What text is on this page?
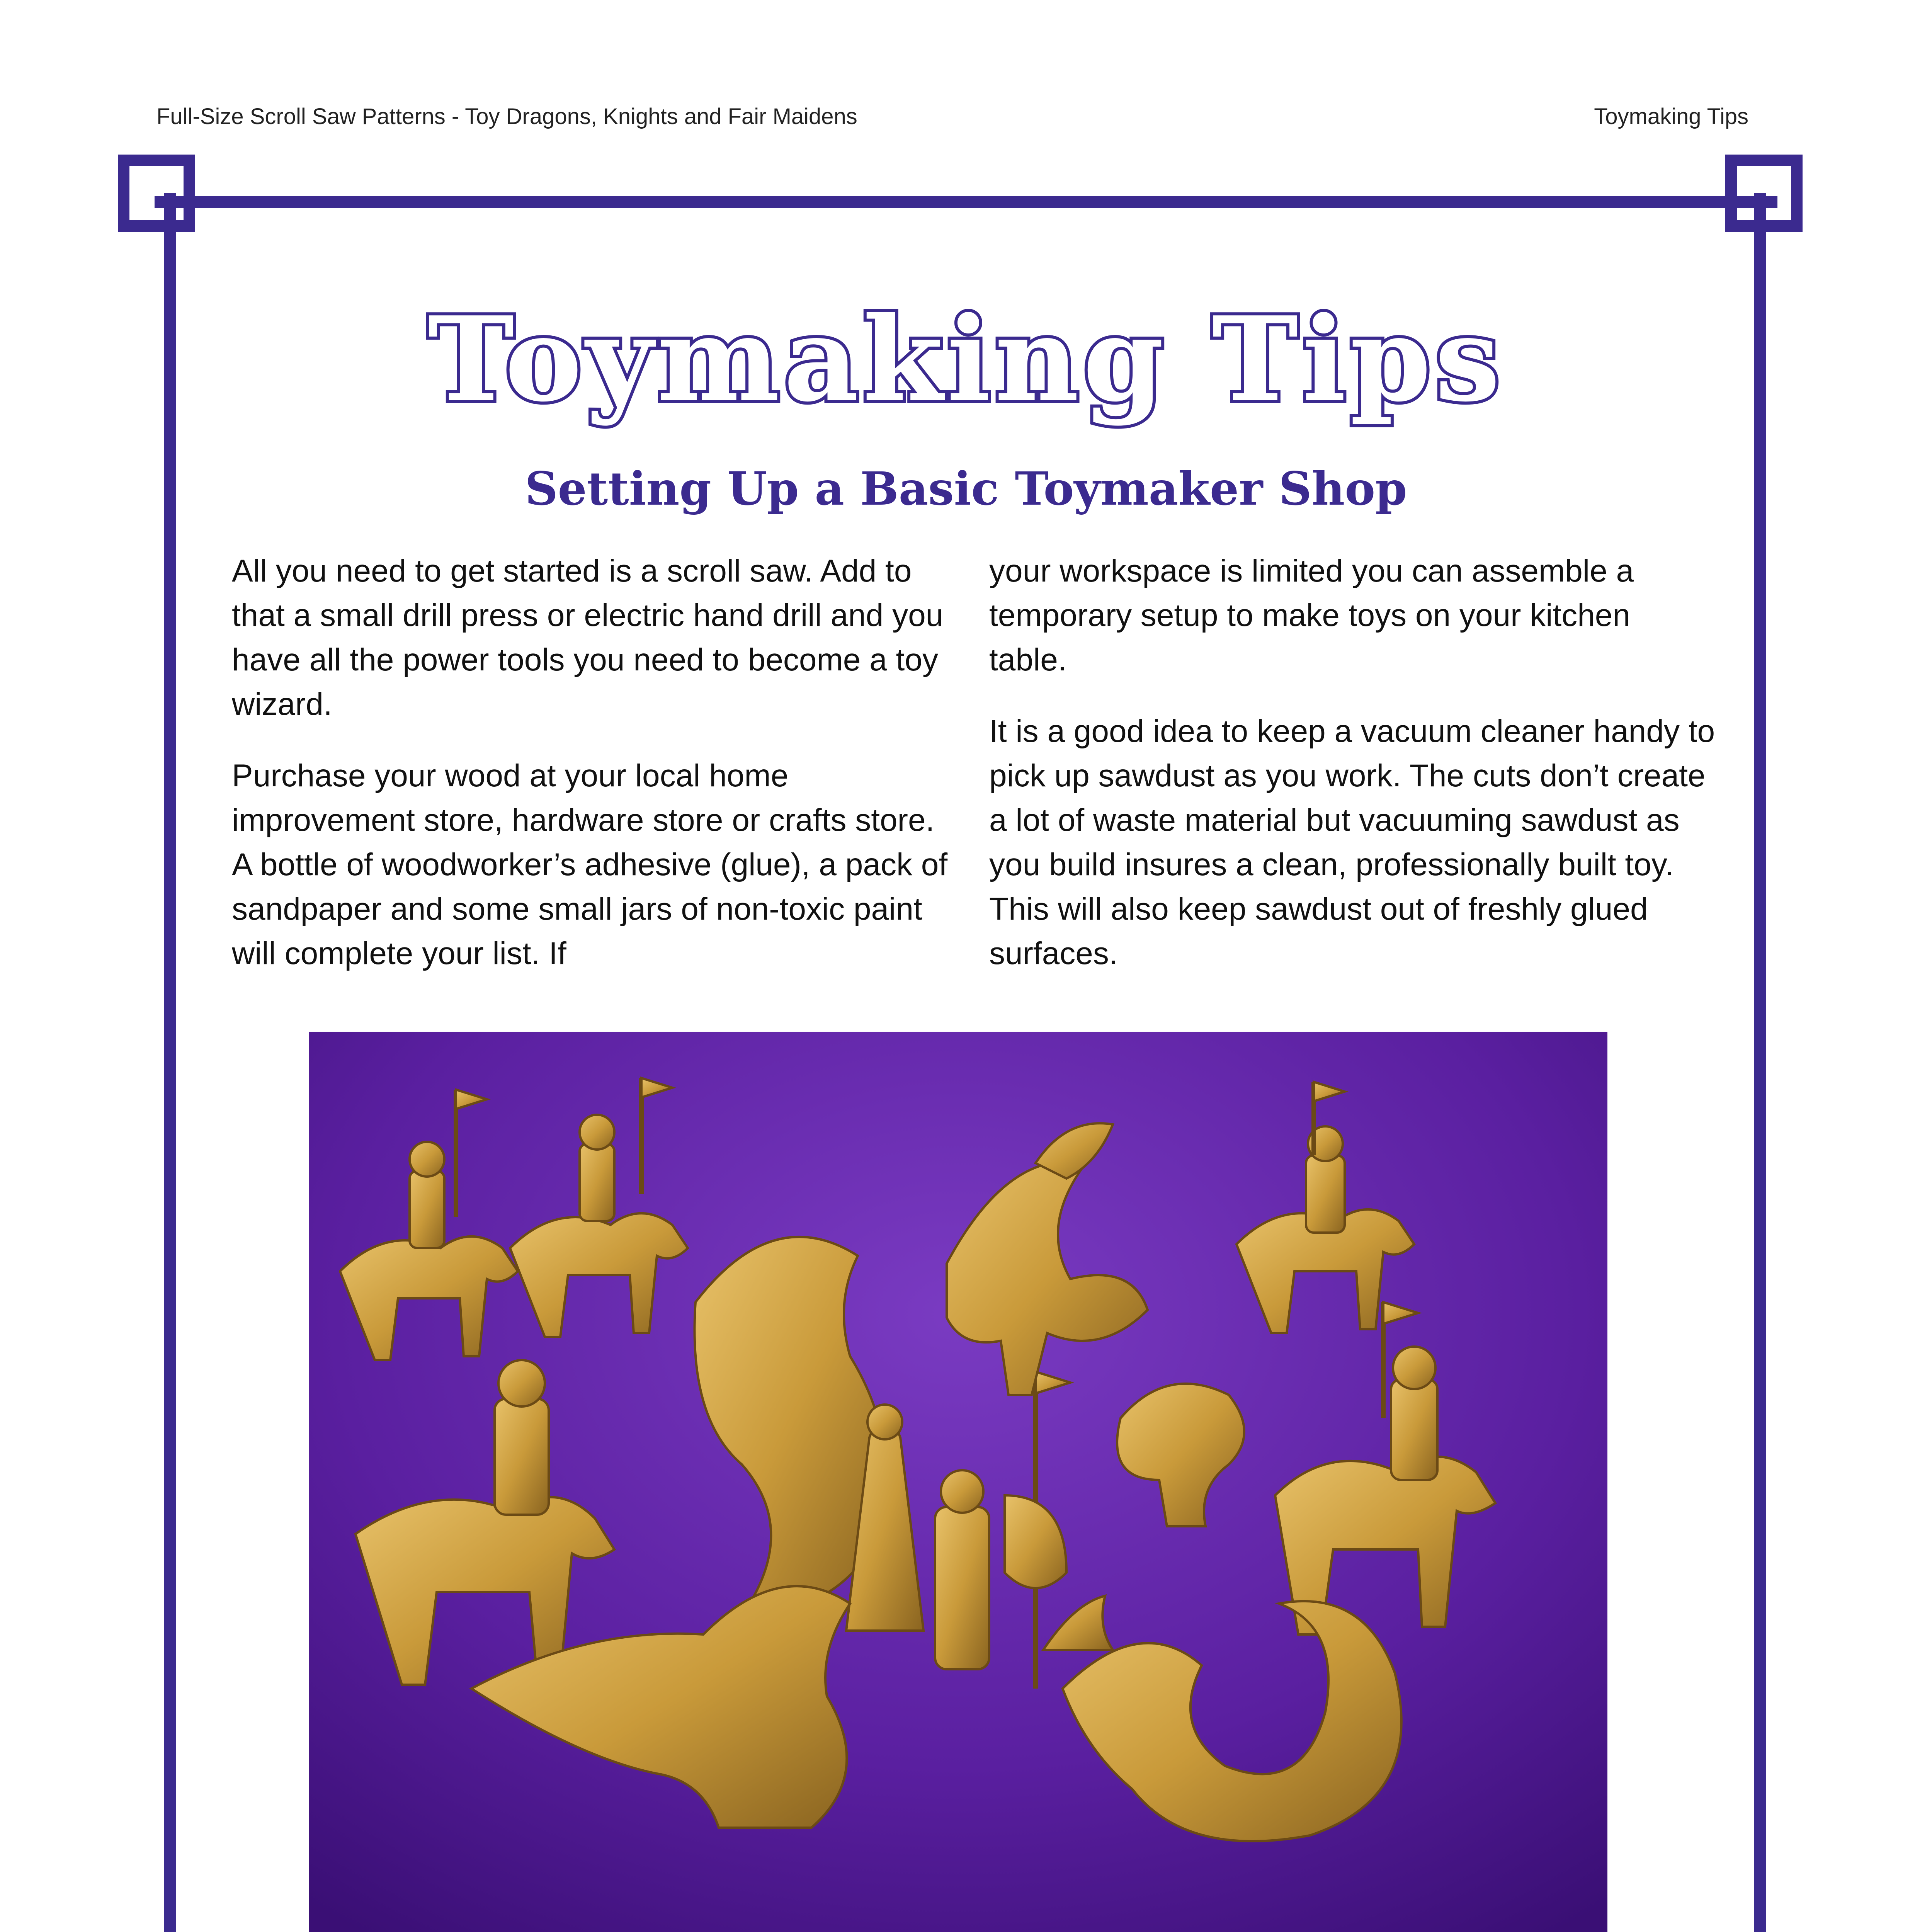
Full-Size Scroll Saw Patterns - Toy Dragons, Knights and Fair Maidens	Toymaking Tips
Toymaking Tips
Setting Up a Basic Toymaker Shop

All you need to get started is a scroll saw. Add to that a small drill press or electric hand drill and you have all the power tools you need to become a toy wizard.

Purchase your wood at your local home improvement store, hardware store or crafts store. A bottle of woodworker’s adhesive (glue), a pack of sandpaper and some small jars of non-toxic paint will complete your list. If

your workspace is limited you can assemble a temporary setup to make toys on your kitchen table.

It is a good idea to keep a vacuum cleaner handy to pick up sawdust as you work. The cuts don’t create a lot of waste material but vacuuming sawdust as you build insures a clean, professionally built toy. This will also keep sawdust out of freshly glued surfaces.
